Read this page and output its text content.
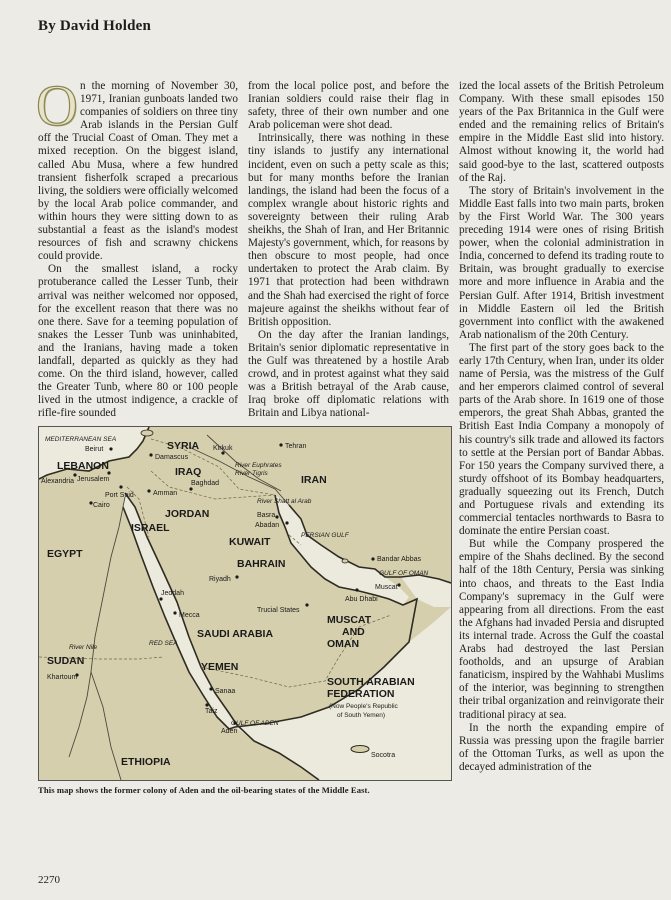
By David Holden
O n the morning of November 30, 1971, Iranian gunboats landed two companies of soldiers on three tiny Arab islands in the Persian Gulf off the Trucial Coast of Oman. They met a mixed reception. On the biggest island, called Abu Musa, where a few hundred transient fisherfolk scraped a precarious living, the soldiers were officially welcomed by the local Arab police commander, and within hours they were sitting down to as substantial a feast as the island's modest resources of fish and scrawny chickens could provide.

On the smallest island, a rocky protuberance called the Lesser Tunb, their arrival was neither welcomed nor opposed, for the excellent reason that there was no one there. Save for a teeming population of snakes the Lesser Tunb was uninhabited, and the Iranians, having made a token landfall, departed as quickly as they had come. On the third island, however, called the Greater Tunb, where 80 or 100 people lived in the utmost indigence, a crackle of rifle-fire sounded

from the local police post, and before the Iranian soldiers could raise their flag in safety, three of their own number and one Arab policeman were shot dead.

Intrinsically, there was nothing in these tiny islands to justify any international incident, even on such a petty scale as this; but for many months before the Iranian landings, the island had been the focus of a complex wrangle about historic rights and sovereignty between their ruling Arab sheikhs, the Shah of Iran, and Her Britannic Majesty's government, which, for reasons by then obscure to most people, had once undertaken to protect the Arab claim. By 1971 that protection had been withdrawn and the Shah had exercised the right of force majeure against the sheikhs without fear of British opposition.

On the day after the Iranian landings, Britain's senior diplomatic representative in the Gulf was threatened by a hostile Arab crowd, and in protest against what they said was a British betrayal of the Arab cause, Iraq broke off diplomatic relations with Britain and Libya national-

ized the local assets of the British Petroleum Company. With these small episodes 150 years of the Pax Britannica in the Gulf were ended and the remaining relics of Britain's empire in the Middle East slid into history. Almost without knowing it, the world had said good-bye to the last, scattered outposts of the Raj.

The story of Britain's involvement in the Middle East falls into two main parts, broken by the First World War. The 300 years preceding 1914 were ones of rising British power, when the colonial administration in India, concerned to defend its trading route to Britain, was brought gradually to exercise more and more influence in Arabia and the Persian Gulf. After 1914, British investment in Middle Eastern oil led the British government into conflict with the awakened Arab nationalism of the 20th Century.

The first part of the story goes back to the early 17th Century, when Iran, under its older name of Persia, was the mistress of the Gulf and her emperors claimed control of several parts of the Arab shore. In 1619 one of those emperors, the great Shah Abbas, granted the British East India Company a monopoly of his country's silk trade and allowed its factors to settle at the Persian port of Bandar Abbas. For 150 years the Company survived there, a sturdy offshoot of its Bombay headquarters, gradually squeezing out its French, Dutch and Portuguese rivals and extending its commercial tentacles northwards to Basra to dominate the entire Persian coast.

But while the Company prospered the empire of the Shahs declined. By the second half of the 18th Century, Persia was sinking into chaos, and threats to the East India Company's supremacy in the Gulf were appearing from all directions. From the east the Afghans had invaded Persia and disrupted its internal trade. Across the Gulf the coastal Arabs had destroyed the last Persian footholds, and an upsurge of Arabian fanaticism, inspired by the Wahhabi Muslims of the interior, was beginning to strengthen their tribal organization and reinvigorate their traditional piracy at sea.

In the north the expanding empire of Russia was pressing upon the fragile barrier of the Ottoman Turks, as well as upon the decayed administration of the

SYRIA
LEBANON	IRAQ
IRAN
JORDAN
ISRAEL
EGYPT
KUWAIT
BAHRAIN
SAUDI ARABIA
MUSCAT
AND
OMAN
YEMEN
SUDAN
ETHIOPIA
SOUTH ARABIAN
FEDERATION
(Now People's Republic
of South Yemen)
Beirut
Damascus
Kirkuk	Tehran
Jerusalem
Baghdad
Amman
Alexandria
Port Said
Cairo
Basra
Abadan
Bandar Abbas
Riyadh
Trucial States
Abu Dhabi
Muscat
Jeddah
Mecca
Sanaa
Taiz
Aden
Socotra
Khartoum
MEDITERRANEAN SEA
River Euphrates
River Tigris
River Shatt al Arab
PERSIAN GULF
GULF OF OMAN
RED SEA
GULF OF ADEN
River Nile
This map shows the former colony of Aden and the oil-bearing states of the Middle East.
2270
